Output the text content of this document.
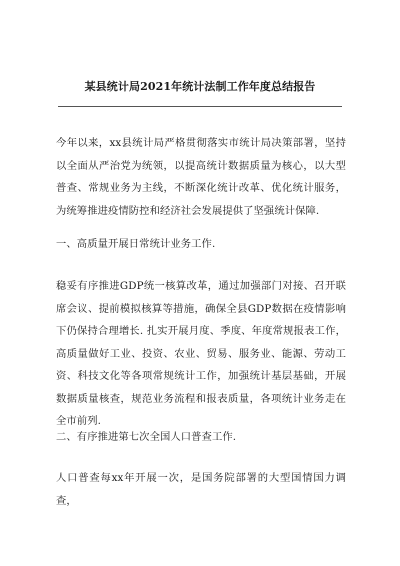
某县统计局2021年统计法制工作年度总结报告

今年以来，xx县统计局严格贯彻落实市统计局决策部署，坚持以全面从严治党为统领，以提高统计数据质量为核心，以大型普查、常规业务为主线，不断深化统计改革、优化统计服务，为统筹推进疫情防控和经济社会发展提供了坚强统计保障.

一、高质量开展日常统计业务工作.

稳妥有序推进GDP统一核算改革，通过加强部门对接、召开联席会议、提前模拟核算等措施，确保全县GDP数据在疫情影响下仍保持合理增长. 扎实开展月度、季度、年度常规报表工作，高质量做好工业、投资、农业、贸易、服务业、能源、劳动工资、科技文化等各项常规统计工作，加强统计基层基础，开展数据质量核查，规范业务流程和报表质量，各项统计业务走在全市前列.

二、有序推进第七次全国人口普查工作.

人口普查每xx年开展一次，是国务院部署的大型国情国力调查，
